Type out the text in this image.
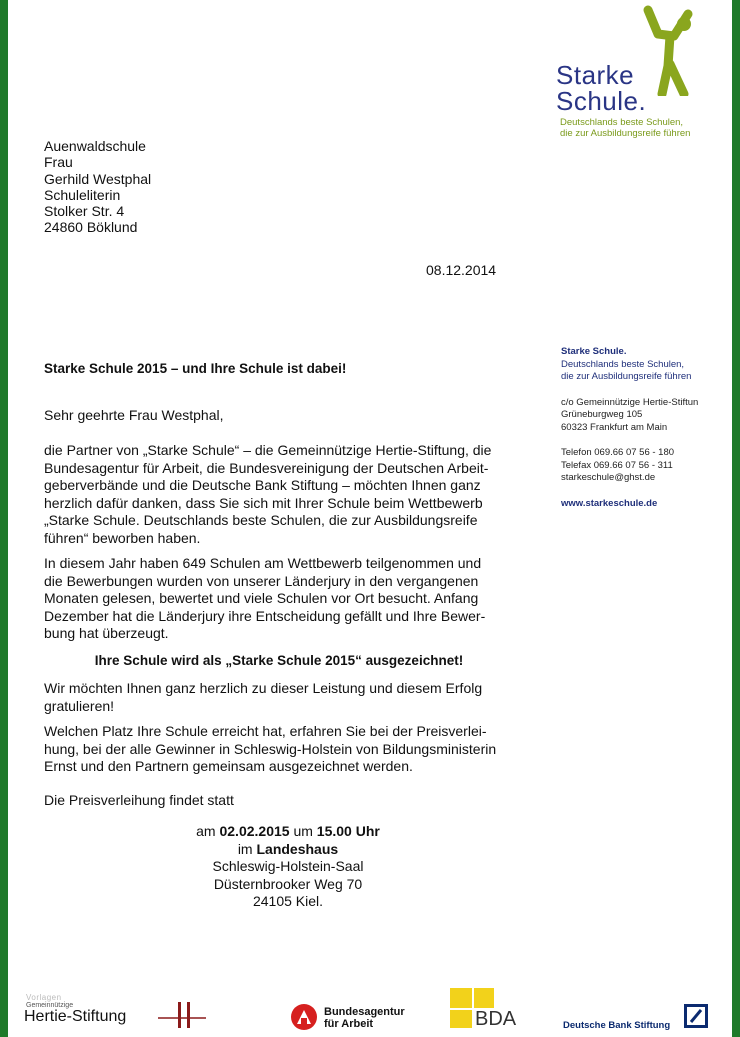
Starke
Schule.
Deutschlands beste Schulen,
die zur Ausbildungsreife führen
Auenwaldschule
Frau
Gerhild Westphal
Schuleliterin
Stolker Str. 4
24860 Böklund
08.12.2014
Starke Schule.
Deutschlands beste Schulen,
die zur Ausbildungsreife führen
c/o Gemeinnützige Hertie-Stiftun
Grüneburgweg 105
60323 Frankfurt am Main
Telefon 069.66 07 56 - 180
Telefax 069.66 07 56 - 311
starkeschule@ghst.de
www.starkeschule.de
Starke Schule 2015 – und Ihre Schule ist dabei!
Sehr geehrte Frau Westphal,
die Partner von „Starke Schule“ – die Gemeinnützige Hertie-Stiftung, die
Bundesagentur für Arbeit, die Bundesvereinigung der Deutschen Arbeit-
geberverbände und die Deutsche Bank Stiftung – möchten Ihnen ganz
herzlich dafür danken, dass Sie sich mit Ihrer Schule beim Wettbewerb
„Starke Schule. Deutschlands beste Schulen, die zur Ausbildungsreife
führen“ beworben haben.
In diesem Jahr haben 649 Schulen am Wettbewerb teilgenommen und
die Bewerbungen wurden von unserer Länderjury in den vergangenen
Monaten gelesen, bewertet und viele Schulen vor Ort besucht. Anfang
Dezember hat die Länderjury ihre Entscheidung gefällt und Ihre Bewer-
bung hat überzeugt.
Ihre Schule wird als „Starke Schule 2015“ ausgezeichnet!
Wir möchten Ihnen ganz herzlich zu dieser Leistung und diesem Erfolg
gratulieren!
Welchen Platz Ihre Schule erreicht hat, erfahren Sie bei der Preisverlei-
hung, bei der alle Gewinner in Schleswig-Holstein von Bildungsministerin
Ernst und den Partnern gemeinsam ausgezeichnet werden.
Die Preisverleihung findet statt
am 02.02.2015 um 15.00 Uhr
im Landeshaus
Schleswig-Holstein-Saal
Düsternbrooker Weg 70
24105 Kiel.
Vorlagen
Gemeinnützige
Hertie-Stiftung	Bundesagentur
für Arbeit	BDA	Deutsche Bank Stiftung
